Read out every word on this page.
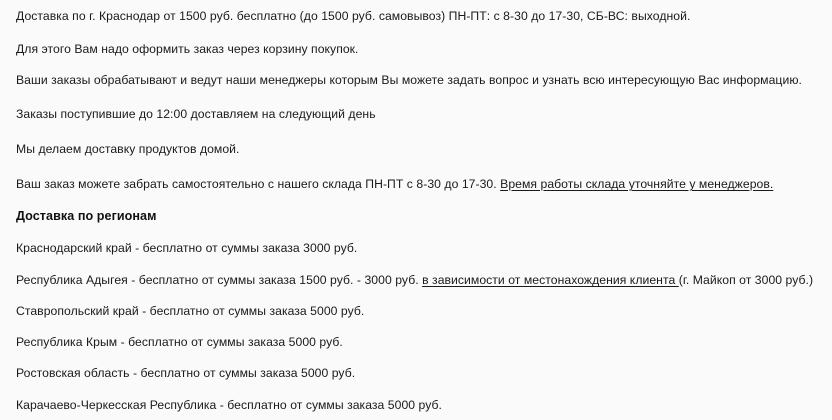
Доставка по г. Краснодар от 1500 руб. бесплатно (до 1500 руб. самовывоз) ПН-ПТ: с 8-30 до 17-30, СБ-ВС: выходной.
Для этого Вам надо оформить заказ через корзину покупок.
Ваши заказы обрабатывают и ведут наши менеджеры которым Вы можете задать вопрос и узнать всю интересующую Вас информацию.
Заказы поступившие до 12:00 доставляем на следующий день
Мы делаем доставку продуктов домой.
Ваш заказ можете забрать самостоятельно с нашего склада ПН-ПТ с 8-30 до 17-30. Время работы склада уточняйте у менеджеров.
Доставка по регионам
Краснодарский край - бесплатно от суммы заказа 3000 руб.
Республика Адыгея - бесплатно от суммы заказа 1500 руб. - 3000 руб. в зависимости от местонахождения клиента (г. Майкоп от 3000 руб.)
Ставропольский край - бесплатно от суммы заказа 5000 руб.
Республика Крым - бесплатно от суммы заказа 5000 руб.
Ростовская область - бесплатно от суммы заказа 5000 руб.
Карачаево-Черкесская Республика - бесплатно от суммы заказа 5000 руб.
